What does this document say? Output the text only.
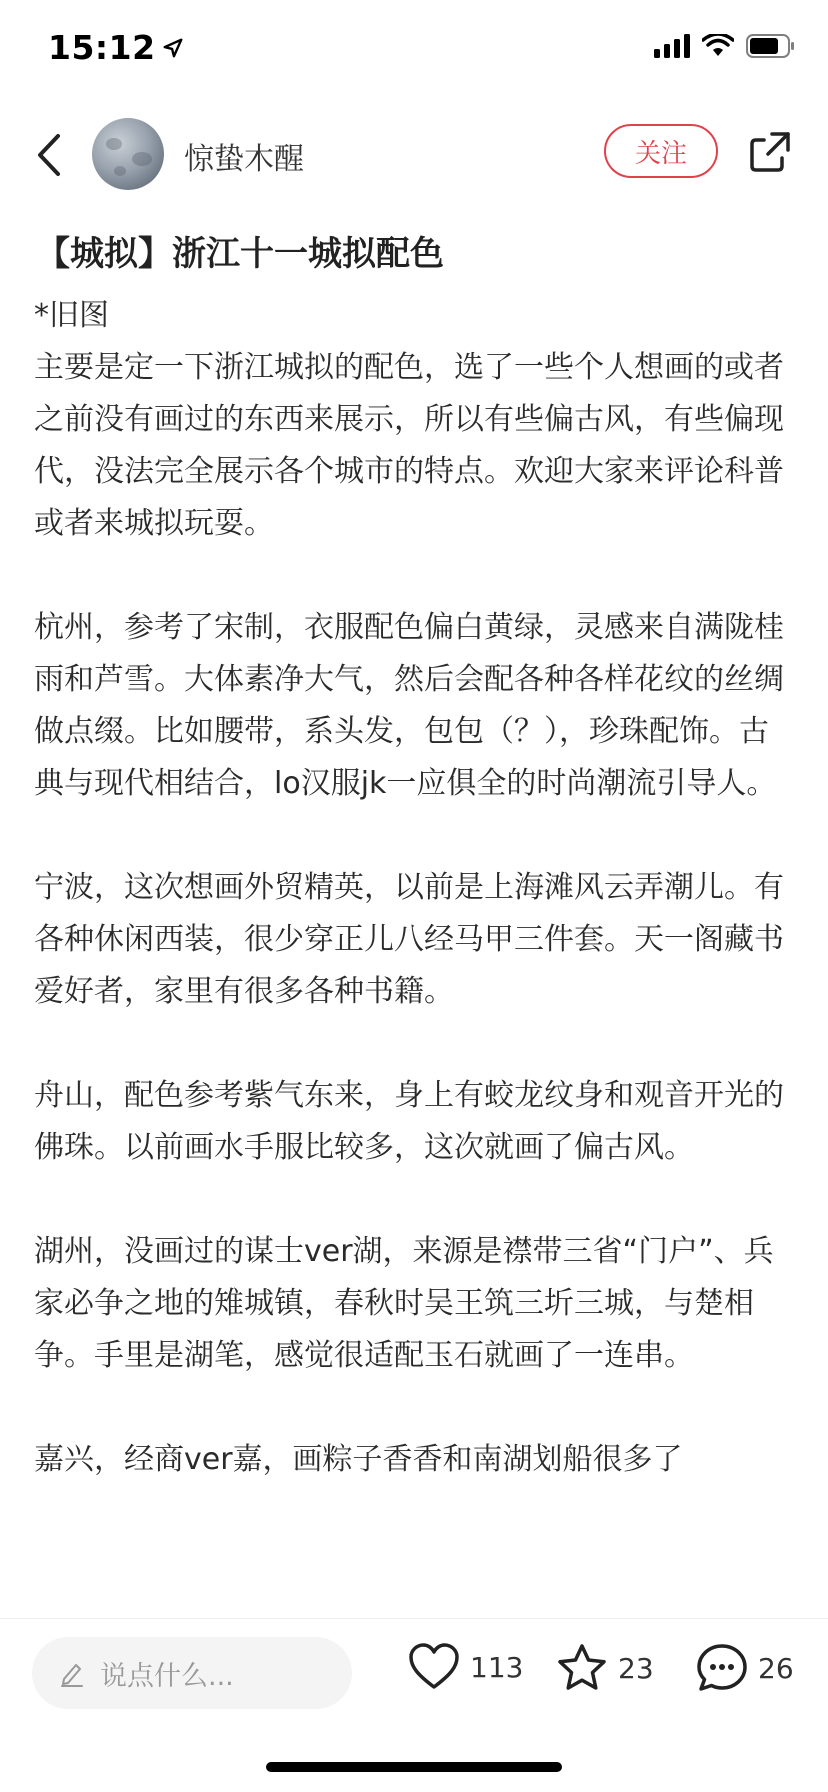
15:12
惊蛰木醒	关注
【城拟】浙江十一城拟配色

*旧图
主要是定一下浙江城拟的配色，选了一些个人想画的或者之前没有画过的东西来展示，所以有些偏古风，有些偏现代，没法完全展示各个城市的特点。欢迎大家来评论科普或者来城拟玩耍。

杭州，参考了宋制，衣服配色偏白黄绿，灵感来自满陇桂雨和芦雪。大体素净大气，然后会配各种各样花纹的丝绸做点缀。比如腰带，系头发，包包（？），珍珠配饰。古典与现代相结合，lo汉服jk一应俱全的时尚潮流引导人。

宁波，这次想画外贸精英，以前是上海滩风云弄潮儿。有各种休闲西装，很少穿正儿八经马甲三件套。天一阁藏书爱好者，家里有很多各种书籍。

舟山，配色参考紫气东来，身上有蛟龙纹身和观音开光的佛珠。以前画水手服比较多，这次就画了偏古风。

湖州，没画过的谋士ver湖，来源是襟带三省“门户”、兵家必争之地的雉城镇，春秋时吴王筑三圻三城，与楚相争。手里是湖笔，感觉很适配玉石就画了一连串。

嘉兴，经商ver嘉，画粽子香香和南湖划船很多了

说点什么...	113	23	26
